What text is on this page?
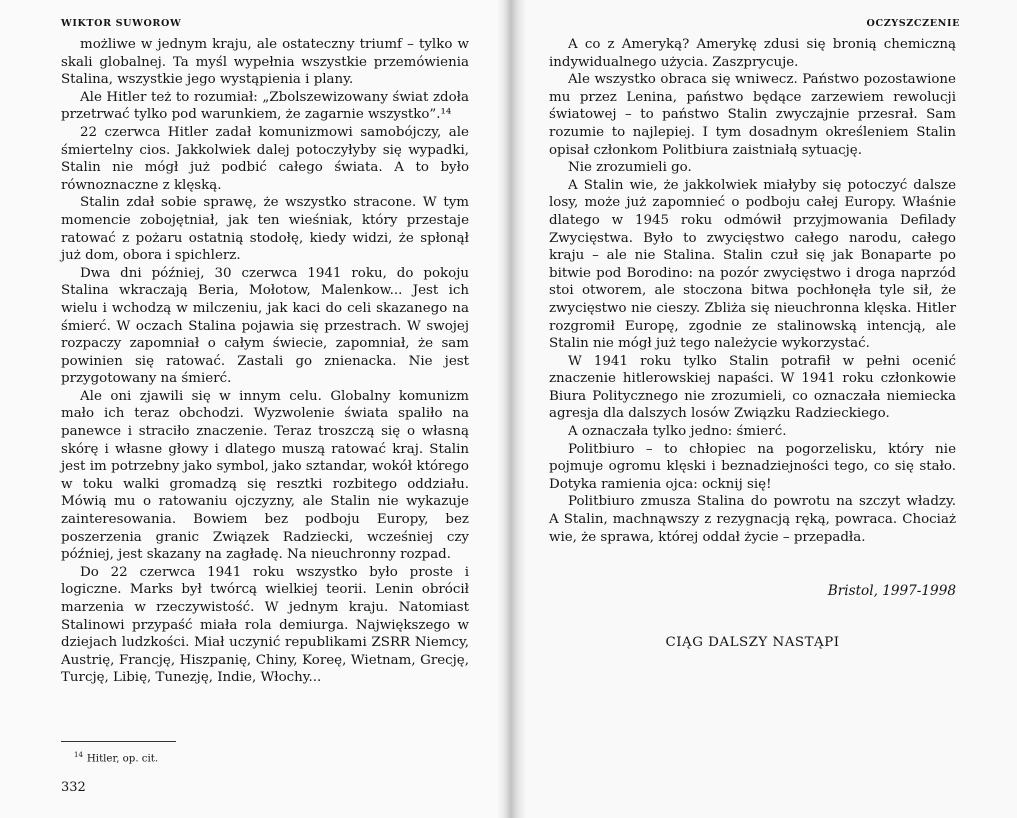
WIKTOR SUWOROW

możliwe w jednym kraju, ale ostateczny triumf – tylko w skali globalnej. Ta myśl wypełnia wszystkie przemówienia Stalina, wszystkie jego wystąpienia i plany.

Ale Hitler też to rozumiał: „Zbolszewizowany świat zdoła przetrwać tylko pod warunkiem, że zagarnie wszystko”.¹⁴

22 czerwca Hitler zadał komunizmowi samobójczy, ale śmiertelny cios. Jakkolwiek dalej potoczyłyby się wypadki, Stalin nie mógł już podbić całego świata. A to było równoznaczne z klęską.

Stalin zdał sobie sprawę, że wszystko stracone. W tym momencie zobojętniał, jak ten wieśniak, który przestaje ratować z pożaru ostatnią stodołę, kiedy widzi, że spłonął już dom, obora i spichlerz.

Dwa dni później, 30 czerwca 1941 roku, do pokoju Stalina wkraczają Beria, Mołotow, Malenkow... Jest ich wielu i wchodzą w milczeniu, jak kaci do celi skazanego na śmierć. W oczach Stalina pojawia się przestrach. W swojej rozpaczy zapomniał o całym świecie, zapomniał, że sam powinien się ratować. Zastali go znienacka. Nie jest przygotowany na śmierć.

Ale oni zjawili się w innym celu. Globalny komunizm mało ich teraz obchodzi. Wyzwolenie świata spaliło na panewce i straciło znaczenie. Teraz troszczą się o własną skórę i własne głowy i dlatego muszą ratować kraj. Stalin jest im potrzebny jako symbol, jako sztandar, wokół którego w toku walki gromadzą się resztki rozbitego oddziału. Mówią mu o ratowaniu ojczyzny, ale Stalin nie wykazuje zainteresowania. Bowiem bez podboju Europy, bez poszerzenia granic Związek Radziecki, wcześniej czy później, jest skazany na zagładę. Na nieuchronny rozpad.

Do 22 czerwca 1941 roku wszystko było proste i logiczne. Marks był twórcą wielkiej teorii. Lenin obrócił marzenia w rzeczywistość. W jednym kraju. Natomiast Stalinowi przypaść miała rola demiurga. Największego w dziejach ludzkości. Miał uczynić republikami ZSRR Niemcy, Austrię, Francję, Hiszpanię, Chiny, Koreę, Wietnam, Grecję, Turcję, Libię, Tunezję, Indie, Włochy...

$^{14}$ Hitler, op. cit.
332
OCZYSZCZENIE

A co z Ameryką? Amerykę zdusi się bronią chemiczną indywidualnego użycia. Zaszprycuje.

Ale wszystko obraca się wniwecz. Państwo pozostawione mu przez Lenina, państwo będące zarzewiem rewolucji światowej – to państwo Stalin zwyczajnie przesrał. Sam rozumie to najlepiej. I tym dosadnym określeniem Stalin opisał członkom Politbiura zaistniałą sytuację.

Nie zrozumieli go.

A Stalin wie, że jakkolwiek miałyby się potoczyć dalsze losy, może już zapomnieć o podboju całej Europy. Właśnie dlatego w 1945 roku odmówił przyjmowania Defilady Zwycięstwa. Było to zwycięstwo całego narodu, całego kraju – ale nie Stalina. Stalin czuł się jak Bonaparte po bitwie pod Borodino: na pozór zwycięstwo i droga naprzód stoi otworem, ale stoczona bitwa pochłonęła tyle sił, że zwycięstwo nie cieszy. Zbliża się nieuchronna klęska. Hitler rozgromił Europę, zgodnie ze stalinowską intencją, ale Stalin nie mógł już tego należycie wykorzystać.

W 1941 roku tylko Stalin potrafił w pełni ocenić znaczenie hitlerowskiej napaści. W 1941 roku członkowie Biura Politycznego nie zrozumieli, co oznaczała niemiecka agresja dla dalszych losów Związku Radzieckiego.

A oznaczała tylko jedno: śmierć.

Politbiuro – to chłopiec na pogorzelisku, który nie pojmuje ogromu klęski i beznadziejności tego, co się stało. Dotyka ramienia ojca: ocknij się!

Politbiuro zmusza Stalina do powrotu na szczyt władzy. A Stalin, machnąwszy z rezygnacją ręką, powraca. Chociaż wie, że sprawa, której oddał życie – przepadła.

Bristol, 1997-1998
CIĄG DALSZY NASTĄPI
